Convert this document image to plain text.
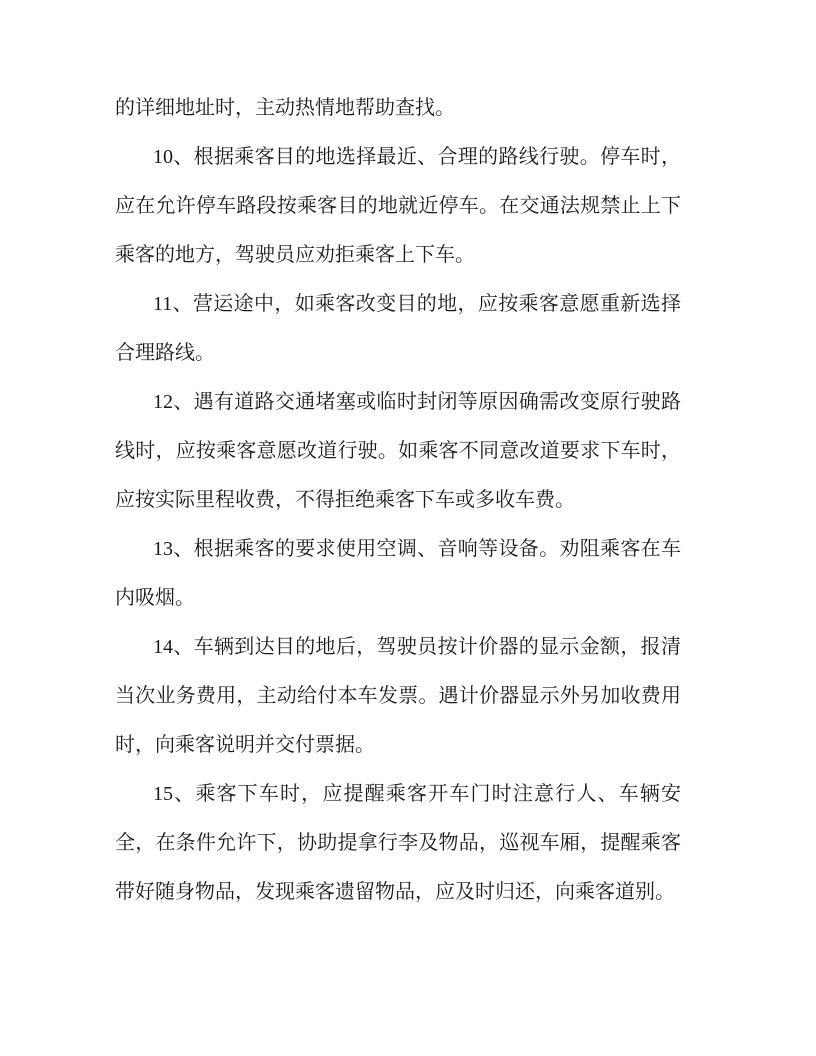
的详细地址时，主动热情地帮助查找。
10、根据乘客目的地选择最近、合理的路线行驶。停车时，
应在允许停车路段按乘客目的地就近停车。在交通法规禁止上下
乘客的地方，驾驶员应劝拒乘客上下车。
11、营运途中，如乘客改变目的地，应按乘客意愿重新选择
合理路线。
12、遇有道路交通堵塞或临时封闭等原因确需改变原行驶路
线时，应按乘客意愿改道行驶。如乘客不同意改道要求下车时，
应按实际里程收费，不得拒绝乘客下车或多收车费。
13、根据乘客的要求使用空调、音响等设备。劝阻乘客在车
内吸烟。
14、车辆到达目的地后，驾驶员按计价器的显示金额，报清
当次业务费用，主动给付本车发票。遇计价器显示外另加收费用
时，向乘客说明并交付票据。
15、乘客下车时，应提醒乘客开车门时注意行人、车辆安
全，在条件允许下，协助提拿行李及物品，巡视车厢，提醒乘客
带好随身物品，发现乘客遗留物品，应及时归还，向乘客道别。
